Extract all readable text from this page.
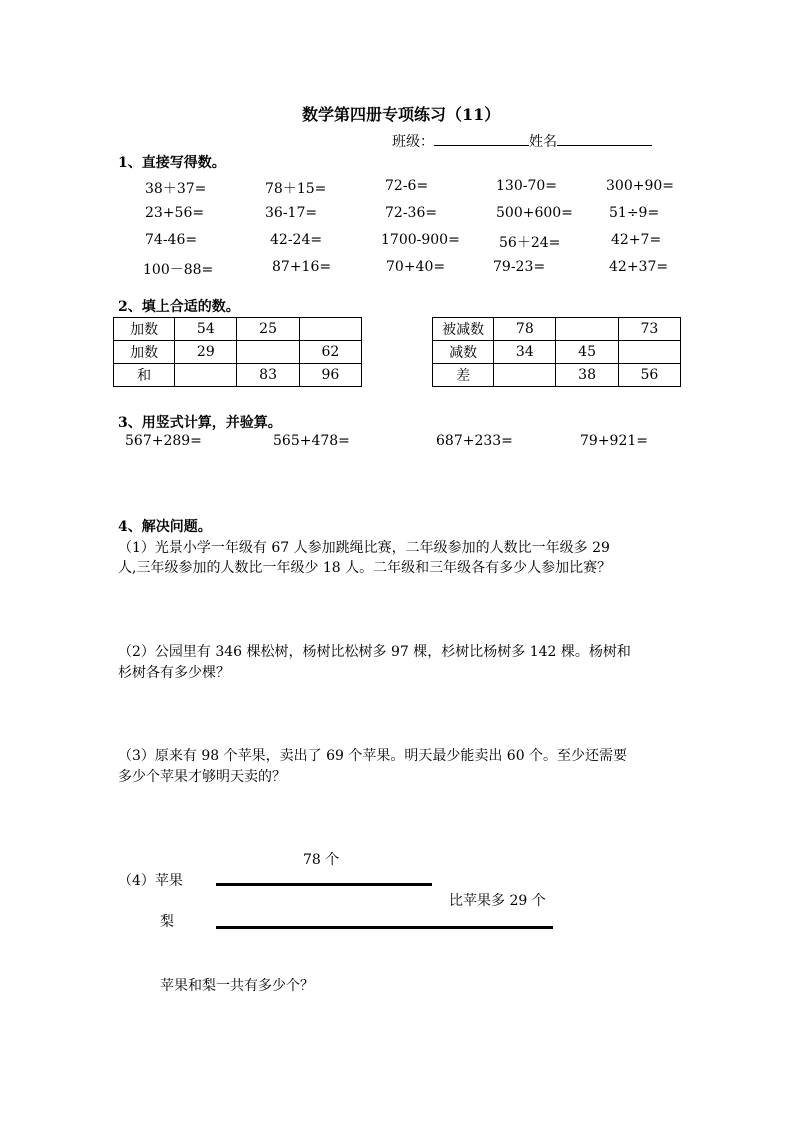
数学第四册专项练习（11）
班级：	姓名
1、直接写得数。
38＋37=	78＋15=	72-6=	130-70=	300+90=
23+56=	36-17=	72-36=	500+600=	51÷9=
74-46=	42-24=	1700-900=	56＋24=	42+7=
100－88=	87+16=	70+40=	79-23=	42+37=
2、填上合适的数。
加数	54	25	
加数	29		62
和		83	96
被减数	78		73
减数	34	45	
差		38	56
3、用竖式计算，并验算。
567+289=	565+478=	687+233=	79+921=
4、解决问题。
（1）光景小学一年级有 67 人参加跳绳比赛，二年级参加的人数比一年级多 29
人,三年级参加的人数比一年级少 18 人。二年级和三年级各有多少人参加比赛？
（2）公园里有 346 棵松树，杨树比松树多 97 棵，杉树比杨树多 142 棵。杨树和
杉树各有多少棵？
（3）原来有 98 个苹果，卖出了 69 个苹果。明天最少能卖出 60 个。至少还需要
多少个苹果才够明天卖的？
78 个
（4）苹果
比苹果多 29 个
梨
苹果和梨一共有多少个？
